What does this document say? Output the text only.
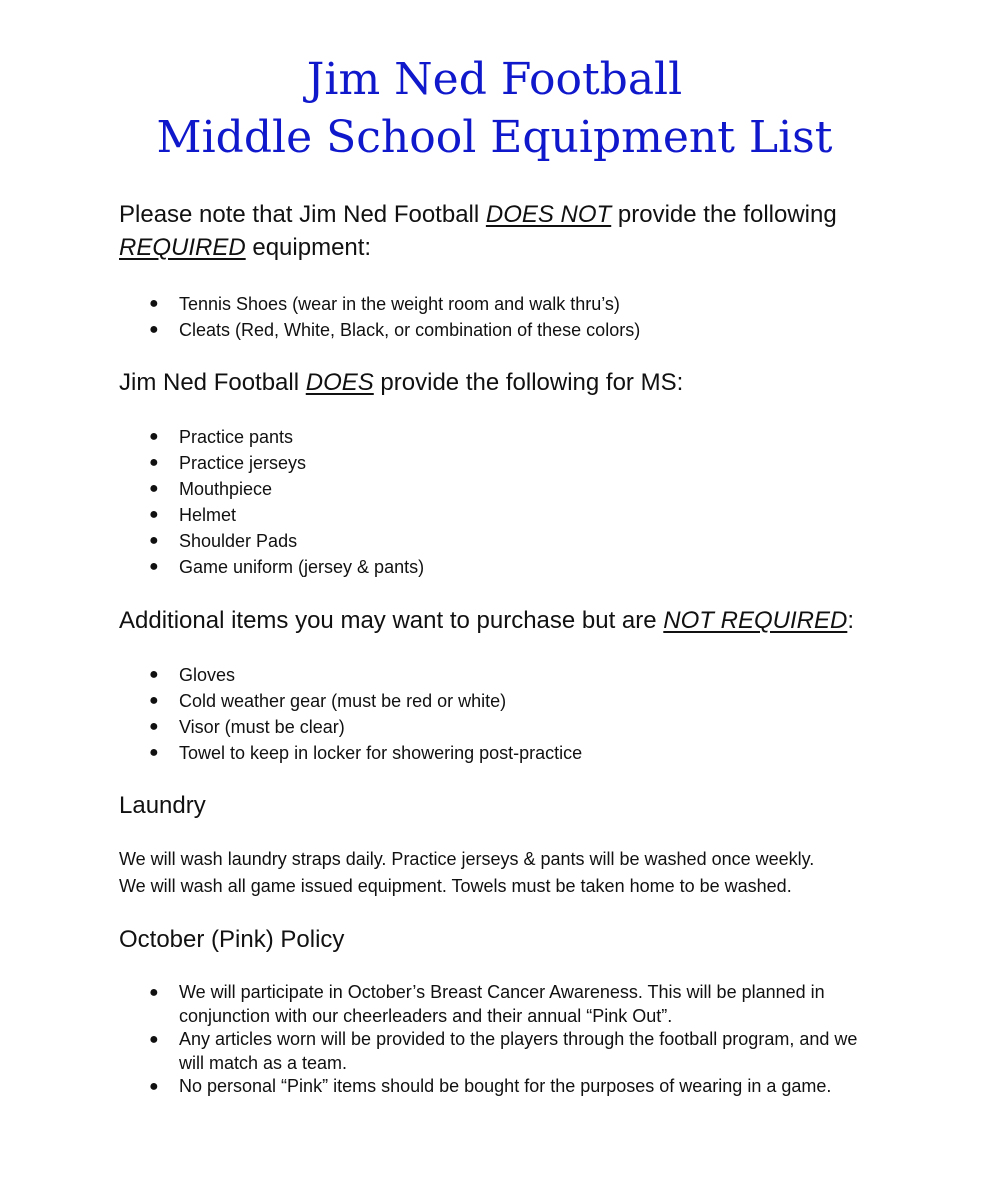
Jim Ned Football
Middle School Equipment List

Please note that Jim Ned Football DOES NOT provide the following REQUIRED equipment:

● Tennis Shoes (wear in the weight room and walk thru’s)
● Cleats (Red, White, Black, or combination of these colors)

Jim Ned Football DOES provide the following for MS:

● Practice pants
● Practice jerseys
● Mouthpiece
● Helmet
● Shoulder Pads
● Game uniform (jersey & pants)

Additional items you may want to purchase but are NOT REQUIRED:

● Gloves
● Cold weather gear (must be red or white)
● Visor (must be clear)
● Towel to keep in locker for showering post-practice
Laundry
We will wash laundry straps daily. Practice jerseys & pants will be washed once weekly.
We will wash all game issued equipment. Towels must be taken home to be washed.
October (Pink) Policy
● We will participate in October’s Breast Cancer Awareness. This will be planned in
conjunction with our cheerleaders and their annual “Pink Out”.
● Any articles worn will be provided to the players through the football program, and we
will match as a team.
● No personal “Pink” items should be bought for the purposes of wearing in a game.
